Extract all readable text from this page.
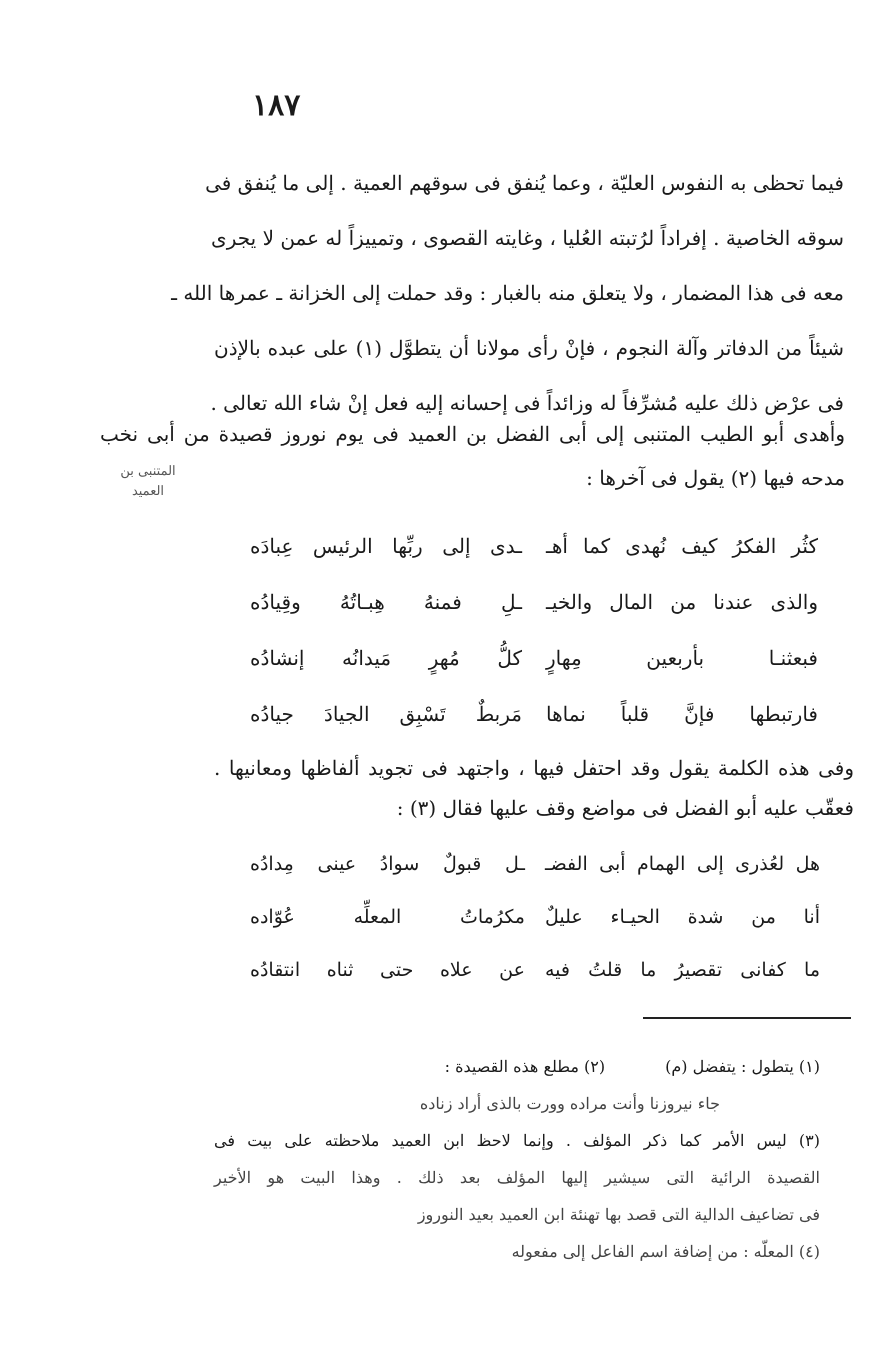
١٨٧
فيما تحظى به النفوس العليّة ، وعما يُنفق فى سوقهم العمية . إلى ما يُنفق فى
سوقه الخاصية . إفراداً لرُتبته العُليا ، وغايته القصوى ، وتمييزاً له عمن لا يجرى
معه فى هذا المضمار ، ولا يتعلق منه بالغبار : وقد حملت إلى الخزانة ـ عمرها الله ـ
شيئاً من الدفاتر وآلة النجوم ، فإنْ رأى مولانا أن يتطوَّل (١) على عبده بالإذن
فى عرْض ذلك عليه مُشرِّفاً له وزائداً فى إحسانه إليه فعل إنْ شاء الله تعالى .
وأهدى أبو الطيب المتنبى إلى أبى الفضل بن العميد فى يوم نوروز قصيدة من أبى نخب
مدحه فيها (٢) يقول فى آخرها :
المتنبى بن
العميد
كثُر الفكرُ كيف نُهدى كما أهـ
ـدى إلى ربِّها الرئيس عِبادَه
والذى عندنا من المال والخيـ
ـلِ فمنهُ هِبـاتُهُ وقِيادُه
فبعثنـا بأربعين مِهارٍ
كلُّ مُهرٍ مَيدانُه إنشادُه
فارتبطها فإنَّ قلباً نماها
مَربطٌ تَسْبِق الجيادَ جيادُه
وفى هذه الكلمة يقول وقد احتفل فيها ، واجتهد فى تجويد ألفاظها ومعانيها .
فعقّب عليه أبو الفضل فى مواضع وقف عليها فقال (٣) :
هل لعُذرى إلى الهمام أبى الفضـ
ـل قبولٌ سوادُ عينى مِدادُه
أنا من شدة الحيـاء عليلٌ
مكرُماتُ المعلِّه عُوّاده
ما كفانى تقصيرُ ما قلتُ فيه
عن علاه حتى ثناه انتقادُه
(١) يتطول : يتفضل (م)
(٢) مطلع هذه القصيدة :
جاء نيروزنا وأنت مراده وورت بالذى أراد زناده
(٣) ليس الأمر كما ذكر المؤلف . وإنما لاحظ ابن العميد ملاحظته على بيت فى
القصيدة الرائية التى سيشير إليها المؤلف بعد ذلك . وهذا البيت هو الأخير
فى تضاعيف الدالية التى قصد بها تهنئة ابن العميد بعيد النوروز
(٤) المعلّه : من إضافة اسم الفاعل إلى مفعوله
